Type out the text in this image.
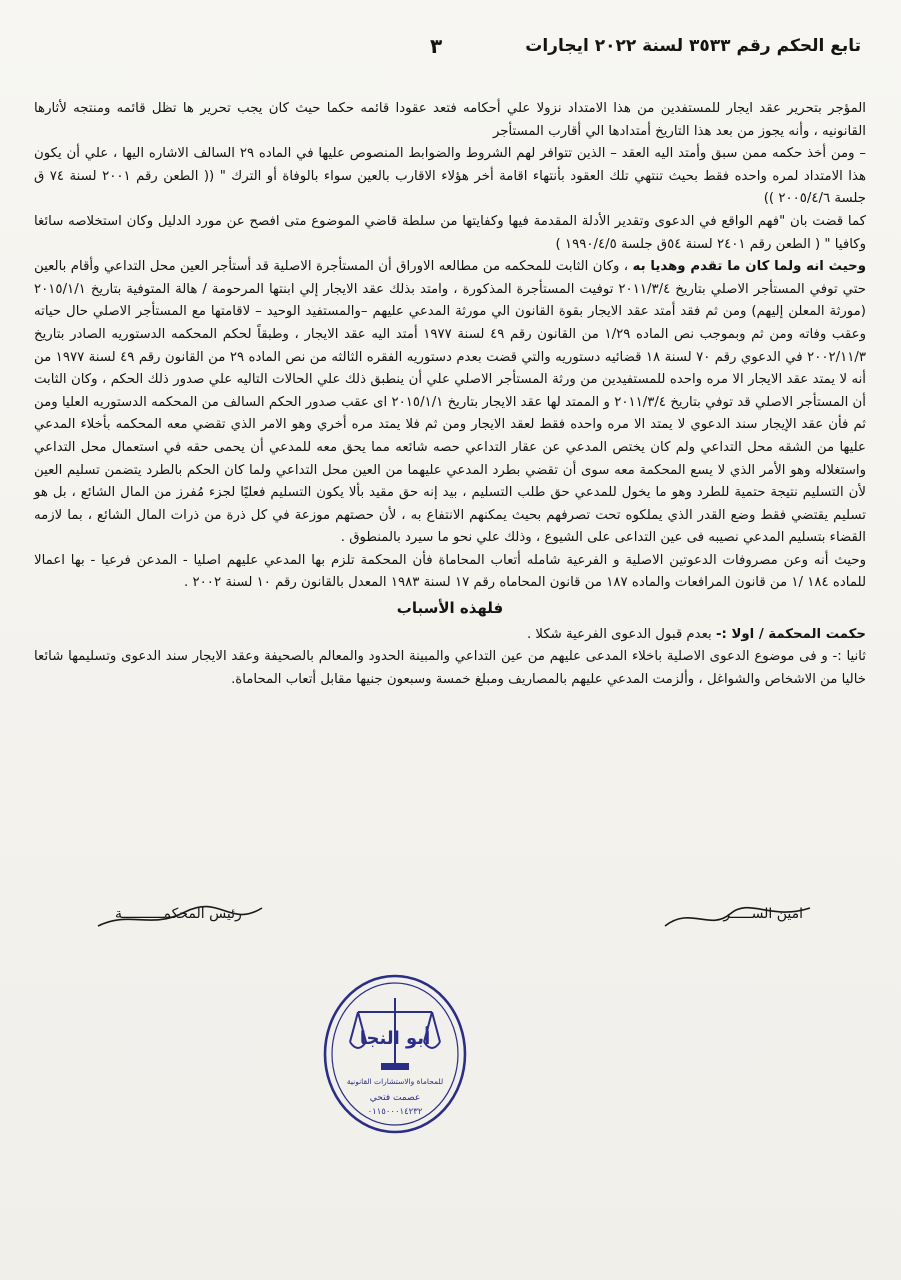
تابع الحكم رقم ٣٥٣٣ لسنة ٢٠٢٢ ايجارات
٣

المؤجر بتحرير عقد ايجار للمستفدين من هذا الامتداد نزولا علي أحكامه فتعد عقودا قائمه حكما حيث كان يجب تحرير ها تظل قائمه ومنتجه لأثارها القانونيه ، وأنه يجوز من بعد هذا التاريخ أمتدادها الي أقارب المستأجر

– ومن أخذ حكمه ممن سبق وأمتد اليه العقد – الذين تتوافر لهم الشروط والضوابط المنصوص عليها في الماده ٢٩ السالف الاشاره اليها ، علي أن يكون هذا الامتداد لمره واحده فقط بحيث تنتهي تلك العقود بأنتهاء اقامة أخر هؤلاء الاقارب بالعين سواء بالوفاة أو الترك " (( الطعن رقم ٢٠٠١ لسنة ٧٤ ق جلسة ٢٠٠٥/٤/٦ ))

كما قضت بان "فهم الواقع في الدعوى وتقدير الأدلة المقدمة فيها وكفايتها من سلطة قاضي الموضوع متى افصح عن مورد الدليل وكان استخلاصه سائغا وكافيا " ( الطعن رقم ٢٤٠١ لسنة ٥٤ق جلسة ١٩٩٠/٤/٥ )

وحيث انه ولما كان ما تقدم وهديا به ، وكان الثابت للمحكمه من مطالعه الاوراق أن المستأجرة الاصلية قد أستأجر العين محل التداعي وأقام بالعين حتي توفي المستأجر الاصلي بتاريخ ٢٠١١/٣/٤ توفيت المستأجرة المذكورة ، وامتد بذلك عقد الايجار إلي ابنتها المرحومة / هالة المتوفية بتاريخ ٢٠١٥/١/١ (مورثة المعلن إليهم) ومن ثم فقد أمتد عقد الايجار بقوة القانون الي مورثة المدعي عليهم –والمستفيد الوحيد – لاقامتها مع المستأجر الاصلي حال حياته وعقب وفاته ومن ثم وبموجب نص الماده ١/٢٩ من القانون رقم ٤٩ لسنة ١٩٧٧ أمتد اليه عقد الايجار ، وطبقاً لحكم المحكمه الدستوريه الصادر بتاريخ ٢٠٠٢/١١/٣ في الدعوي رقم ٧٠ لسنة ١٨ قضائيه دستوريه والتي قضت بعدم دستوريه الفقره الثالثه من نص الماده ٢٩ من القانون رقم ٤٩ لسنة ١٩٧٧ من أنه لا يمتد عقد الايجار الا مره واحده للمستفيدين من ورثة المستأجر الاصلي علي أن ينطبق ذلك علي الحالات التاليه علي صدور ذلك الحكم ، وكان الثابت أن المستأجر الاصلي قد توفي بتاريخ ٢٠١١/٣/٤ و الممتد لها عقد الايجار بتاريخ ٢٠١٥/١/١ اى عقب صدور الحكم السالف من المحكمه الدستوريه العليا ومن ثم فأن عقد الإيجار سند الدعوي لا يمتد الا مره واحده فقط لعقد الايجار ومن ثم فلا يمتد مره أخري وهو الامر الذي تقضي معه المحكمه بأخلاء المدعي عليها من الشقه محل التداعي ولم كان يختص المدعي عن عقار التداعي حصه شائعه مما يحق معه للمدعي أن يحمى حقه في استعمال محل التداعي واستغلاله وهو الأمر الذي لا يسع المحكمة معه سوى أن تقضي بطرد المدعي عليهما من العين محل التداعي ولما كان الحكم بالطرد يتضمن تسليم العين لأن التسليم نتيجة حتمية للطرد وهو ما يخول للمدعي حق طلب التسليم ، بيد إنه حق مقيد بألا يكون التسليم فعليًا لجزء مُفرز من المال الشائع ، بل هو تسليم يقتضي فقط وضع القدر الذي يملكوه تحت تصرفهم بحيث يمكنهم الانتفاع به ، لأن حصتهم موزعة في كل ذرة من ذرات المال الشائع ، بما لازمه القضاء بتسليم المدعي نصيبه فى عين التداعى على الشيوع ، وذلك علي نحو ما سيرد بالمنطوق .

وحيث أنه وعن مصروفات الدعوتين الاصلية و الفرعية شامله أتعاب المحاماة فأن المحكمة تلزم بها المدعي عليهم اصليا - المدعن فرعيا - بها اعمالا للماده ١٨٤ /١ من قانون المرافعات والماده ١٨٧ من قانون المحاماه رقم ١٧ لسنة ١٩٨٣ المعدل بالقانون رقم ١٠ لسنة ٢٠٠٢ .

فلهذه الأسباب

حكمت المحكمة / اولا :- بعدم قبول الدعوى الفرعية شكلا .

ثانيا :- و فى موضوع الدعوى الاصلية باخلاء المدعى عليهم من عين التداعي والمبينة الحدود والمعالم بالصحيفة وعقد الايجار سند الدعوى وتسليمها شائعا خاليا من الاشخاص والشواغل ، وألزمت المدعي عليهم بالمصاريف ومبلغ خمسة وسبعون جنيها مقابل أتعاب المحاماة.

امين الســـــر
رئيس المحكمــــــــــة
أبو النجا
للمحاماة والاستشارات القانونية
عصمت فتحي
٠١١٥٠٠٠١٤٢٣٢
